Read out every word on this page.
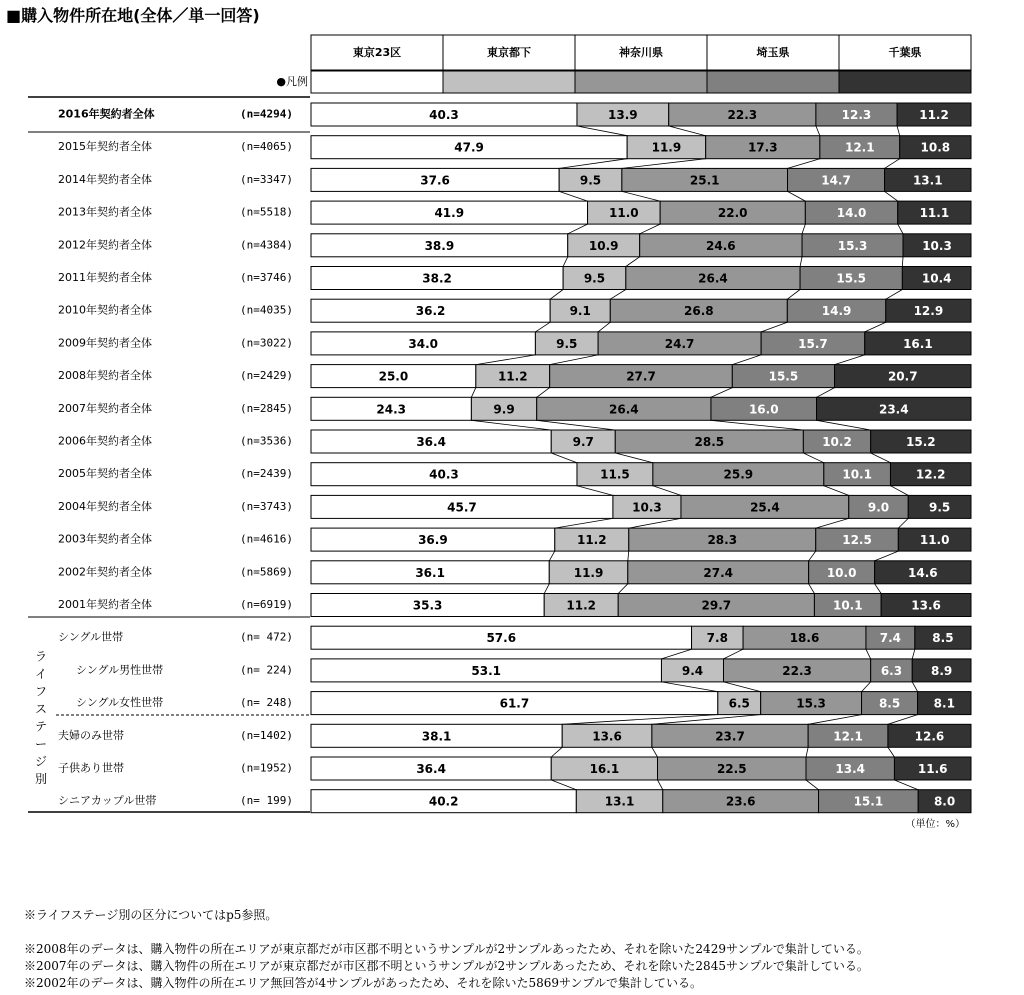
■購入物件所在地(全体／単一回答)
東京23区	東京都下	神奈川県	埼玉県	千葉県
●凡例
ラ
イ
フ
ス
テ
ー
ジ
別
2016年契約者全体	(n=4294)	40.3	13.9	22.3	12.3	11.2
2015年契約者全体	(n=4065)	47.9	11.9	17.3	12.1	10.8
2014年契約者全体	(n=3347)	37.6	9.5	25.1	14.7	13.1
2013年契約者全体	(n=5518)	41.9	11.0	22.0	14.0	11.1
2012年契約者全体	(n=4384)	38.9	10.9	24.6	15.3	10.3
2011年契約者全体	(n=3746)	38.2	9.5	26.4	15.5	10.4
2010年契約者全体	(n=4035)	36.2	9.1	26.8	14.9	12.9
2009年契約者全体	(n=3022)	34.0	9.5	24.7	15.7	16.1
2008年契約者全体	(n=2429)	25.0	11.2	27.7	15.5	20.7
2007年契約者全体	(n=2845)	24.3	9.9	26.4	16.0	23.4
2006年契約者全体	(n=3536)	36.4	9.7	28.5	10.2	15.2
2005年契約者全体	(n=2439)	40.3	11.5	25.9	10.1	12.2
2004年契約者全体	(n=3743)	45.7	10.3	25.4	9.0	9.5
2003年契約者全体	(n=4616)	36.9	11.2	28.3	12.5	11.0
2002年契約者全体	(n=5869)	36.1	11.9	27.4	10.0	14.6
2001年契約者全体	(n=6919)	35.3	11.2	29.7	10.1	13.6
シングル世帯	(n= 472)	57.6	7.8	18.6	7.4	8.5
シングル男性世帯	(n= 224)	53.1	9.4	22.3	6.3 8.9
シングル女性世帯	(n= 248)	61.7	6.5	15.3	8.5	8.1
夫婦のみ世帯	(n=1402)	38.1	13.6	23.7	12.1	12.6
子供あり世帯	(n=1952)	36.4	16.1	22.5	13.4	11.6
シニアカップル世帯	(n= 199)	40.2	13.1	23.6	15.1	8.0
（単位：%）
※ライフステージ別の区分についてはp5参照。
※2008年のデータは、購入物件の所在エリアが東京都だが市区郡不明というサンプルが2サンプルあったため、それを除いた2429サンプルで集計している。
※2007年のデータは、購入物件の所在エリアが東京都だが市区郡不明というサンプルが2サンプルあったため、それを除いた2845サンプルで集計している。
※2002年のデータは、購入物件の所在エリア無回答が4サンプルがあったため、それを除いた5869サンプルで集計している。
